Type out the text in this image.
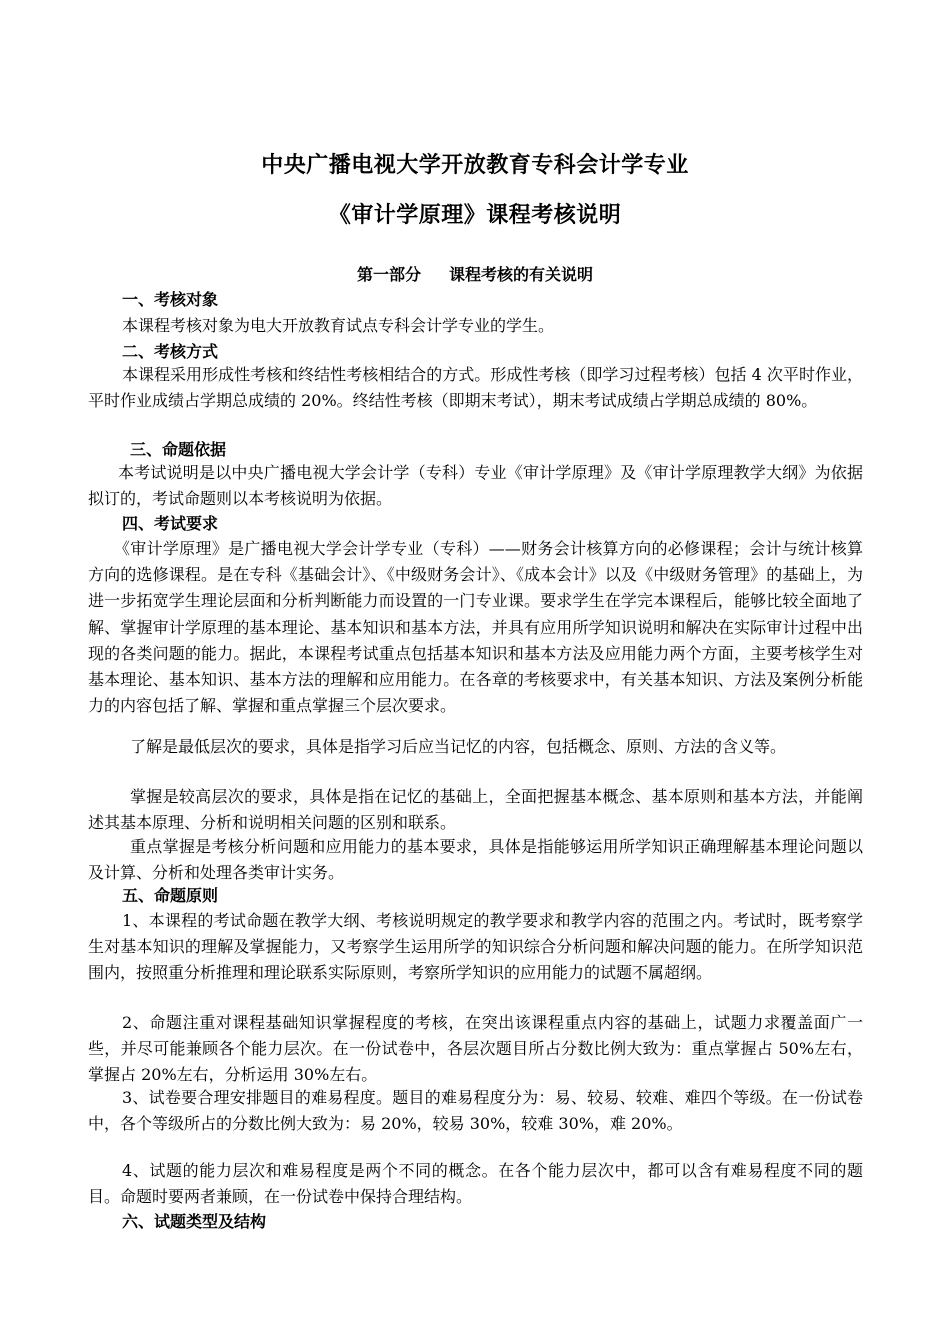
中央广播电视大学开放教育专科会计学专业
《审计学原理》课程考核说明
第一部分 课程考核的有关说明
一、考核对象
本课程考核对象为电大开放教育试点专科会计学专业的学生。
二、考核方式
本课程采用形成性考核和终结性考核相结合的方式。形成性考核（即学习过程考核）包括 4 次平时作业，平时作业成绩占学期总成绩的 20%。终结性考核（即期末考试），期末考试成绩占学期总成绩的 80%。
三、命题依据
本考试说明是以中央广播电视大学会计学（专科）专业《审计学原理》及《审计学原理教学大纲》为依据拟订的，考试命题则以本考核说明为依据。
四、考试要求
《审计学原理》是广播电视大学会计学专业（专科）——财务会计核算方向的必修课程；会计与统计核算方向的选修课程。是在专科《基础会计》、《中级财务会计》、《成本会计》以及《中级财务管理》的基础上，为进一步拓宽学生理论层面和分析判断能力而设置的一门专业课。要求学生在学完本课程后，能够比较全面地了解、掌握审计学原理的基本理论、基本知识和基本方法，并具有应用所学知识说明和解决在实际审计过程中出现的各类问题的能力。据此，本课程考试重点包括基本知识和基本方法及应用能力两个方面，主要考核学生对基本理论、基本知识、基本方法的理解和应用能力。在各章的考核要求中，有关基本知识、方法及案例分析能力的内容包括了解、掌握和重点掌握三个层次要求。
了解是最低层次的要求，具体是指学习后应当记忆的内容，包括概念、原则、方法的含义等。
掌握是较高层次的要求，具体是指在记忆的基础上，全面把握基本概念、基本原则和基本方法，并能阐述其基本原理、分析和说明相关问题的区别和联系。
重点掌握是考核分析问题和应用能力的基本要求，具体是指能够运用所学知识正确理解基本理论问题以及计算、分析和处理各类审计实务。
五、命题原则
1、本课程的考试命题在教学大纲、考核说明规定的教学要求和教学内容的范围之内。考试时，既考察学生对基本知识的理解及掌握能力，又考察学生运用所学的知识综合分析问题和解决问题的能力。在所学知识范围内，按照重分析推理和理论联系实际原则，考察所学知识的应用能力的试题不属超纲。
2、命题注重对课程基础知识掌握程度的考核，在突出该课程重点内容的基础上，试题力求覆盖面广一些，并尽可能兼顾各个能力层次。在一份试卷中，各层次题目所占分数比例大致为：重点掌握占 50%左右，掌握占 20%左右，分析运用 30%左右。
3、试卷要合理安排题目的难易程度。题目的难易程度分为：易、较易、较难、难四个等级。在一份试卷中，各个等级所占的分数比例大致为：易 20%，较易 30%，较难 30%，难 20%。
4、试题的能力层次和难易程度是两个不同的概念。在各个能力层次中，都可以含有难易程度不同的题目。命题时要两者兼顾，在一份试卷中保持合理结构。
六、试题类型及结构
